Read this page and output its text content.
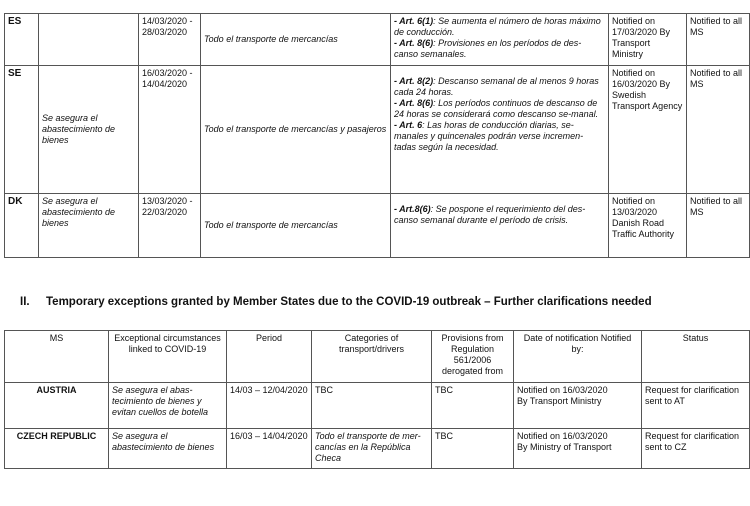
ES		14/03/2020 -
28/03/2020	Todo el transporte de mercancías	- Art. 6(1): Se aumenta el número de horas máximo de conducción.
- Art. 8(6): Provisiones en los períodos de des-canso semanales.	Notified on 17/03/2020 By Transport Ministry	Notified to all MS
SE	Se asegura el abastecimiento de bienes	16/03/2020 -
14/04/2020	Todo el transporte de mercancías y pasajeros	- Art. 8(2): Descanso semanal de al menos 9 horas cada 24 horas.
- Art. 8(6): Los períodos continuos de descanso de 24 horas se considerará como descanso se-manal.
- Art. 6: Las horas de conducción diarias, se-manales y quincenales podrán verse incremen-tadas según la necesidad.	Notified on 16/03/2020 By Swedish Transport Agency	Notified to all MS
DK	Se asegura el abastecimiento de bienes	13/03/2020 -
22/03/2020	Todo el transporte de mercancías	- Art.8(6): Se pospone el requerimiento del des-canso semanal durante el período de crisis.	Notified on 13/03/2020 Danish Road Traffic Authority	Notified to all MS
II. Temporary exceptions granted by Member States due to the COVID-19 outbreak – Further clarifications needed
MS	Exceptional circumstances linked to COVID-19	Period	Categories of transport/drivers	Provisions from Regulation 561/2006 derogated from	Date of notification Notified by:	Status
AUSTRIA	Se asegura el abas-tecimiento de bienes y evitan cuellos de botella	14/03 – 12/04/2020	TBC	TBC	Notified on 16/03/2020
By Transport Ministry	Request for clarification sent to AT
CZECH REPUBLIC	Se asegura el abastecimiento de bienes	16/03 – 14/04/2020	Todo el transporte de mer-cancías en la República Checa	TBC	Notified on 16/03/2020
By Ministry of Transport	Request for clarification sent to CZ
